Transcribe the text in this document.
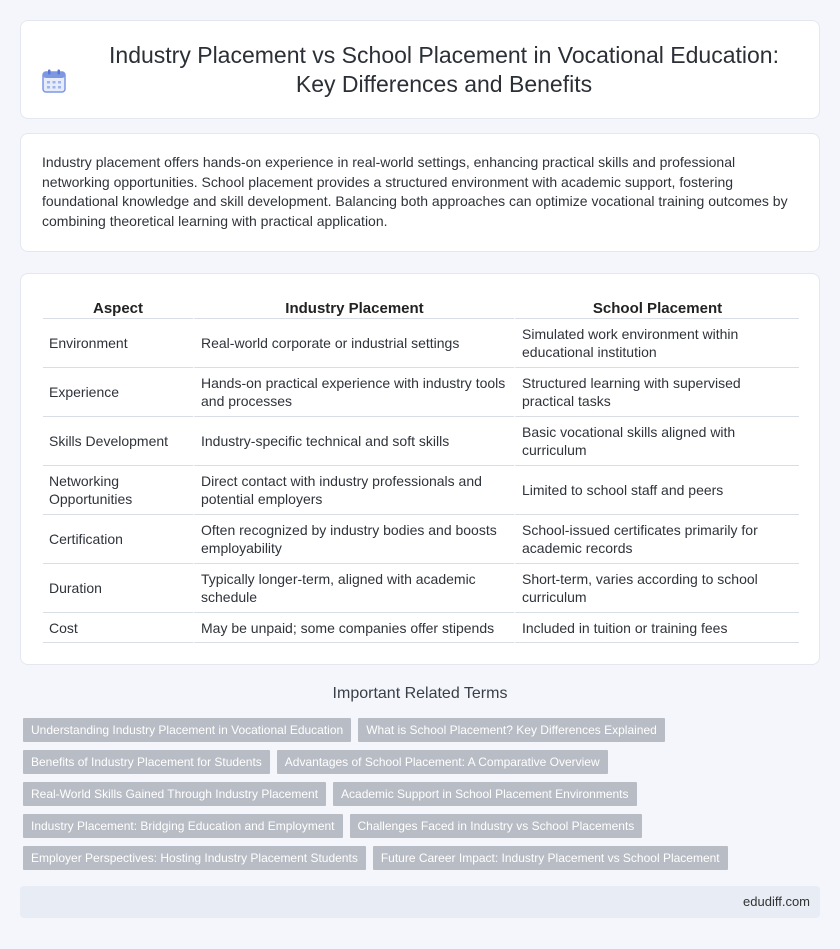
Industry Placement vs School Placement in Vocational Education: Key Differences and Benefits

Industry placement offers hands-on experience in real-world settings, enhancing practical skills and professional networking opportunities. School placement provides a structured environment with academic support, fostering foundational knowledge and skill development. Balancing both approaches can optimize vocational training outcomes by combining theoretical learning with practical application.

Aspect	Industry Placement	School Placement
Environment	Real-world corporate or industrial settings	Simulated work environment within educational institution
Experience	Hands-on practical experience with industry tools and processes	Structured learning with supervised practical tasks
Skills Development	Industry-specific technical and soft skills	Basic vocational skills aligned with curriculum
Networking Opportunities	Direct contact with industry professionals and potential employers	Limited to school staff and peers
Certification	Often recognized by industry bodies and boosts employability	School-issued certificates primarily for academic records
Duration	Typically longer-term, aligned with academic schedule	Short-term, varies according to school curriculum
Cost	May be unpaid; some companies offer stipends	Included in tuition or training fees
Important Related Terms
Understanding Industry Placement in Vocational Education	What is School Placement? Key Differences Explained
Benefits of Industry Placement for Students	Advantages of School Placement: A Comparative Overview
Real-World Skills Gained Through Industry Placement	Academic Support in School Placement Environments
Industry Placement: Bridging Education and Employment	Challenges Faced in Industry vs School Placements
Employer Perspectives: Hosting Industry Placement Students	Future Career Impact: Industry Placement vs School Placement
edudiff.com
